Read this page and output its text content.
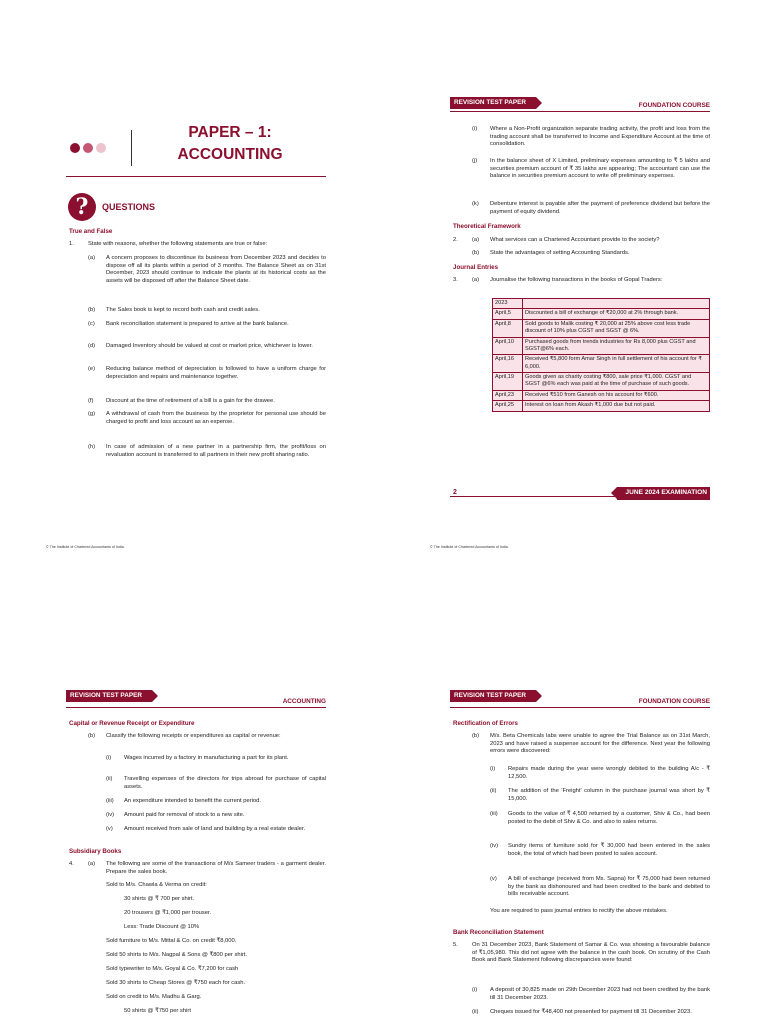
PAPER – 1:
ACCOUNTING
?	QUESTIONS
True and False
1. State with reasons, whether the following statements are true or false:
(a) A concern proposes to discontinue its business from December 2023 and decides to dispose off all its plants within a period of 3 months. The Balance Sheet as on 31st December, 2023 should continue to indicate the plants at its historical costs as the assets will be disposed off after the Balance Sheet date.
(b) The Sales book is kept to record both cash and credit sales.
(c) Bank reconciliation statement is prepared to arrive at the bank balance.
(d) Damaged Inventory should be valued at cost or market price, whichever is lower.
(e) Reducing balance method of depreciation is followed to have a uniform charge for depreciation and repairs and maintenance together.
(f) Discount at the time of retirement of a bill is a gain for the drawee.
(g) A withdrawal of cash from the business by the proprietor for personal use should be charged to profit and loss account as an expense.
(h) In case of admission of a new partner in a partnership firm, the profit/loss on revaluation account is transferred to all partners in their new profit sharing ratio.
© The Institute of Chartered Accountants of India
REVISION TEST PAPER	FOUNDATION COURSE
(i) Where a Non-Profit organization separate trading activity, the profit and loss from the trading account shall be transferred to Income and Expenditure Account at the time of consolidation.
(j) In the balance sheet of X Limited, preliminary expenses amounting to ₹ 5 lakhs and securities premium account of ₹ 35 lakhs are appearing; The accountant can use the balance in securities premium account to write off preliminary expenses.
(k) Debenture interest is payable after the payment of preference dividend but before the payment of equity dividend.
Theoretical Framework
2. (a) What services can a Chartered Accountant provide to the society?
(b) State the advantages of setting Accounting Standards.
Journal Entries
3. (a) Journalise the following transactions in the books of Gopal Traders:
2023	
April,5	Discounted a bill of exchange of ₹20,000 at 2% through bank.
April,8	Sold goods to Malik costing ₹ 20,000 at 25% above cost less trade discount of 10% plus CGST and SGST @ 6%.
April,10	Purchased goods from trends industries for Rs 8,000 plus CGST and SGST@6% each.
April,16	Received ₹5,800 form Amar Singh in full settlement of his account for ₹ 6,000.
April,19	Goods given as charity costing ₹800, sale price ₹1,000. CGST and SGST @6% each was paid at the time of purchase of such goods.
April,23	Received ₹510 from Ganesh on his account for ₹600.
April,25	Interest on loan from Akash ₹1,000 due but not paid.
2	JUNE 2024 EXAMINATION
© The Institute of Chartered Accountants of India
REVISION TEST PAPER
ACCOUNTING
Capital or Revenue Receipt or Expenditure
(b) Classify the following receipts or expenditures as capital or revenue:
(i) Wages incurred by a factory in manufacturing a part for its plant.
(ii) Travelling expenses of the directors for trips abroad for purchase of capital assets.
(iii) An expenditure intended to benefit the current period.
(iv) Amount paid for removal of stock to a new site.
(v) Amount received from sale of land and building by a real estate dealer.
Subsidiary Books
4. (a) The following are some of the transactions of M/s Sameer traders - a garment dealer. Prepare the sales book.
Sold to M/s. Chawla & Verma on credit:
30 shirts @ ₹ 700 per shirt.
20 trousers @ ₹1,000 per trouser.
Less: Trade Discount @ 10%
Sold furniture to M/s. Mittal & Co. on credit ₹8,000.
Sold 50 shirts to M/s. Nagpal & Sons @ ₹800 per shirt.
Sold typewriter to M/s. Goyal & Co. ₹7,200 for cash
Sold 30 shirts to Cheap Stores @ ₹750 each for cash.
Sold on credit to M/s. Madhu & Garg.
50 shirts @ ₹750 per shirt
REVISION TEST PAPER
FOUNDATION COURSE
Rectification of Errors
(b) M/s. Beta Chemicals labs were unable to agree the Trial Balance as on 31st March, 2023 and have raised a suspense account for the difference. Next year the following errors were discovered:
(i) Repairs made during the year were wrongly debited to the building A/c - ₹ 12,500.
(ii) The addition of the 'Freight' column in the purchase journal was short by ₹ 15,000.
(iii) Goods to the value of ₹ 4,500 returned by a customer, Shiv & Co., had been posted to the debit of Shiv & Co. and also to sales returns.
(iv) Sundry items of furniture sold for ₹ 30,000 had been entered in the sales book, the total of which had been posted to sales account.
(v) A bill of exchange (received from Ms. Sapna) for ₹ 75,000 had been returned by the bank as dishonoured and had been credited to the bank and debited to bills receivable account.
You are required to pass journal entries to rectify the above mistakes.
Bank Reconciliation Statement
5. On 31 December 2023, Bank Statement of Samar & Co. was showing a favourable balance of ₹1,05,980. This did not agree with the balance in the cash book. On scrutiny of the Cash Book and Bank Statement following discrepancies were found:
(i) A deposit of 30,825 made on 29th December 2023 had not been credited by the bank till 31 December 2023.
(ii) Cheques issued for ₹48,400 not presented for payment till 31 December 2023.
